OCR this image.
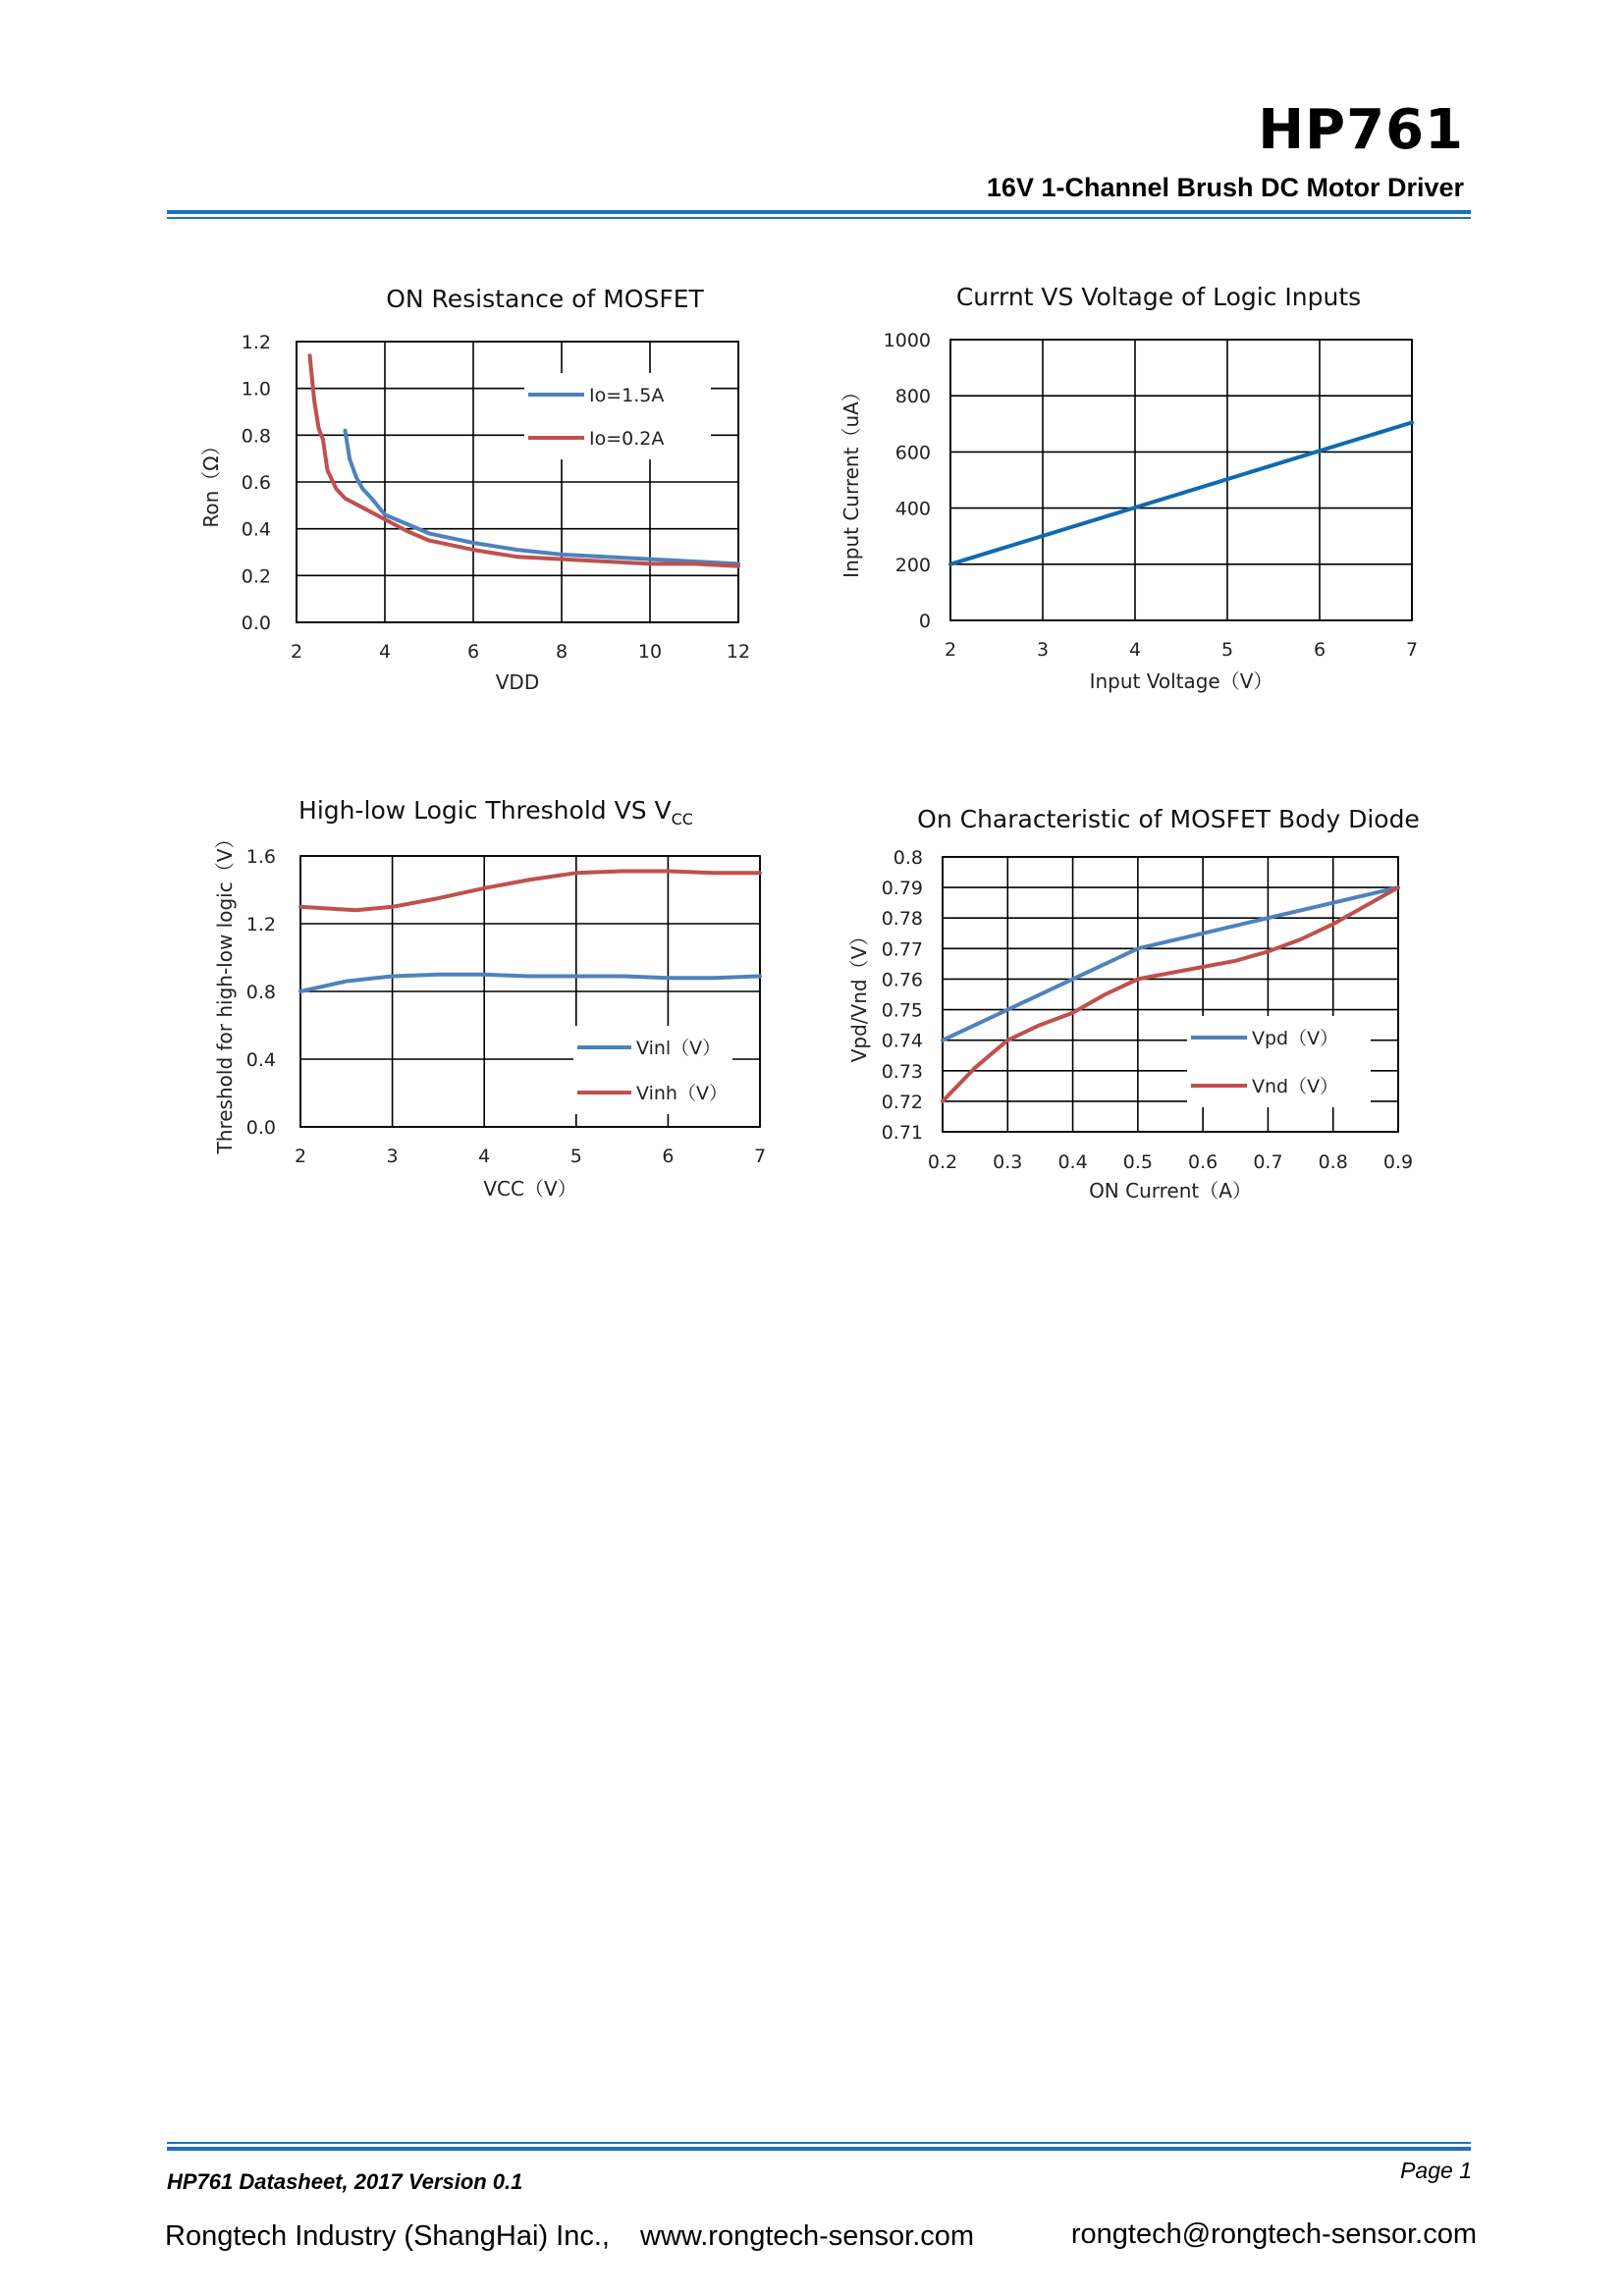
HP761
16V 1-Channel Brush DC Motor Driver
2	4	6	8	10	12
0.0
0.2
0.4
0.6
0.8
1.0
1.2
Io=1.5A
Io=0.2A
ON Resistance of MOSFET
VDD
Ron（Ω）
2	3	4	5	6	7
0
200
400
600
800
1000
Currnt VS Voltage of Logic Inputs
Input Voltage（V）
Input Current（uA）
2	3	4	5	6	7
0.0
0.4
0.8
1.2
1.6
Vinl（V）
Vinh（V）
High-low Logic Threshold VS $V_{CC}$
VCC（V）
Threshold for high-low logic（V）
0.2 0.3 0.4 0.5 0.6 0.7 0.8 0.9
0.71
0.72
0.73
0.74
0.75
0.76
0.77
0.78
0.79
0.8
Vpd（V）
Vnd（V）
On Characteristic of MOSFET Body Diode
ON Current（A）
Vpd/Vnd（V）
HP761 Datasheet, 2017 Version 0.1	Page 1
Rongtech Industry (ShangHai) Inc., www.rongtech-sensor.com	rongtech@rongtech-sensor.com
